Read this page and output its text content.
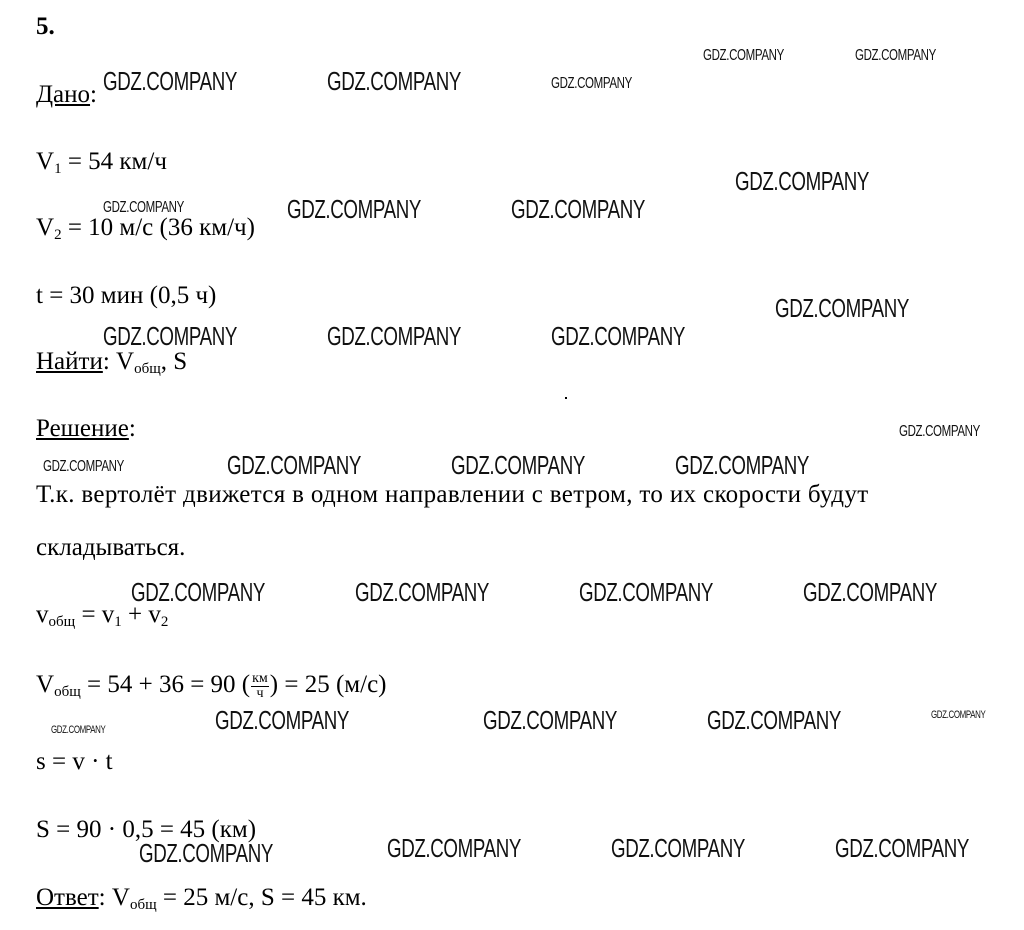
5.
Дано:
$V_1 = 54$ км/ч
$V_2 = 10$ м/с (36 км/ч)
t = 30 мин (0,5 ч)
Найти: $V_{общ}$, S
Решение:
Т.к. вертолёт движется в одном направлении с ветром, то их скорости будут
складываться.
$v_{общ} = v_1 + v_2$
$V_{общ} = 54 + 36 = 90$ ( $\frac{км}{ч}$ ) = 25 (м/с)
s = v · t
S = 90 · 0,5 = 45 (км)
Ответ: $V_{общ} = 25$ м/с, S = 45 км.
GDZ.COMPANY	GDZ.COMPANY
GDZ.COMPANY	GDZ.COMPANY	GDZ.COMPANY
GDZ.COMPANY
GDZ.COMPANY	GDZ.COMPANY	GDZ.COMPANY
GDZ.COMPANY
GDZ.COMPANY	GDZ.COMPANY	GDZ.COMPANY
GDZ.COMPANY
GDZ.COMPANY	GDZ.COMPANY	GDZ.COMPANY	GDZ.COMPANY
GDZ.COMPANY	GDZ.COMPANY	GDZ.COMPANY	GDZ.COMPANY
GDZ.COMPANY	GDZ.COMPANY	GDZ.COMPANY	GDZ.COMPANY
GDZ.COMPANY
GDZ.COMPANY	GDZ.COMPANY	GDZ.COMPANY	GDZ.COMPANY
